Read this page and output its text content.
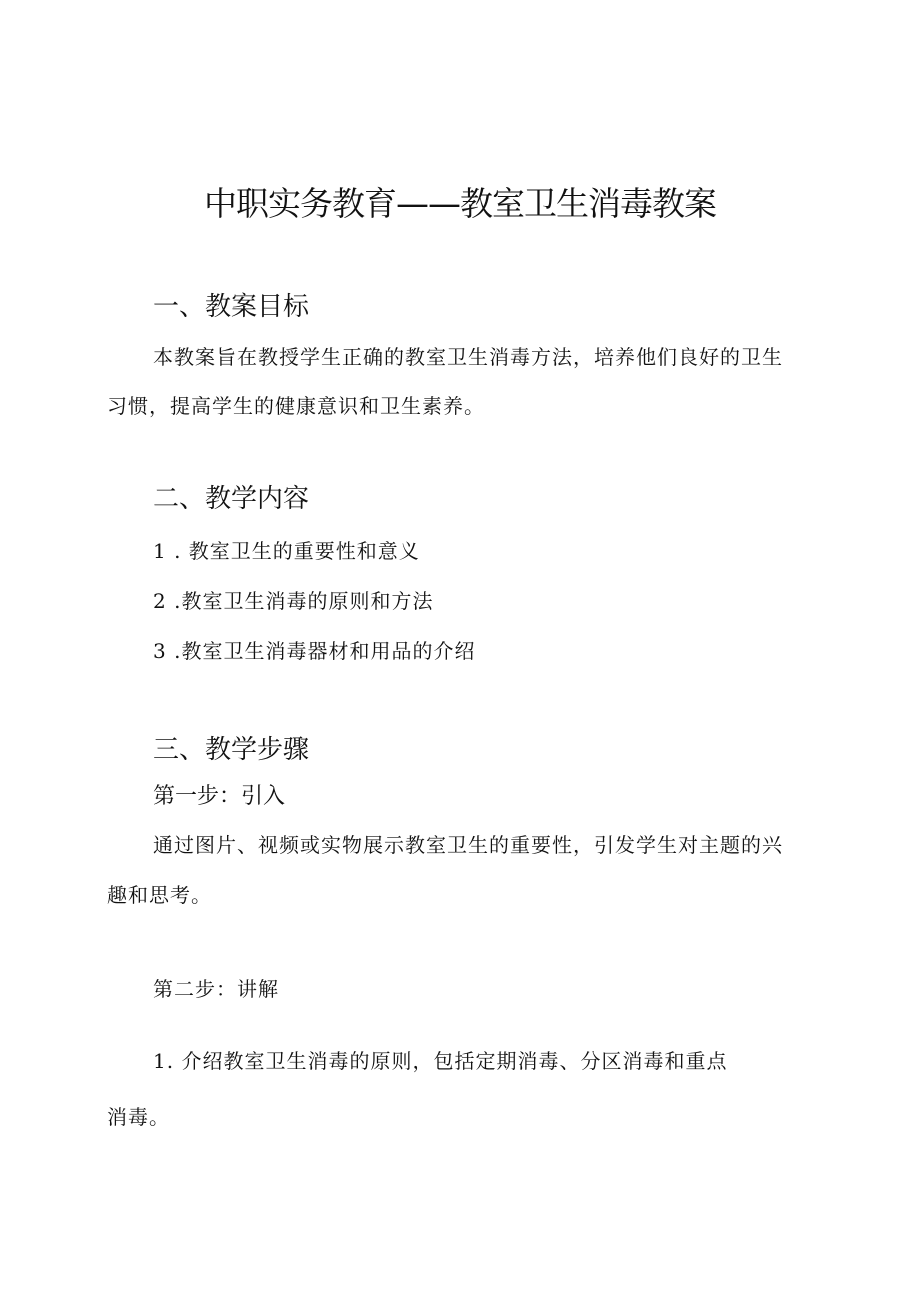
中职实务教育——教室卫生消毒教案
一、教案目标

本教案旨在教授学生正确的教室卫生消毒方法，培养他们良好的卫生

习惯，提高学生的健康意识和卫生素养。

二、教学内容

1 . 教室卫生的重要性和意义

2 .教室卫生消毒的原则和方法

3 .教室卫生消毒器材和用品的介绍

三、教学步骤

第一步：引入

通过图片、视频或实物展示教室卫生的重要性，引发学生对主题的兴

趣和思考。

第二步：讲解

1. 介绍教室卫生消毒的原则，包括定期消毒、分区消毒和重点

消毒。
